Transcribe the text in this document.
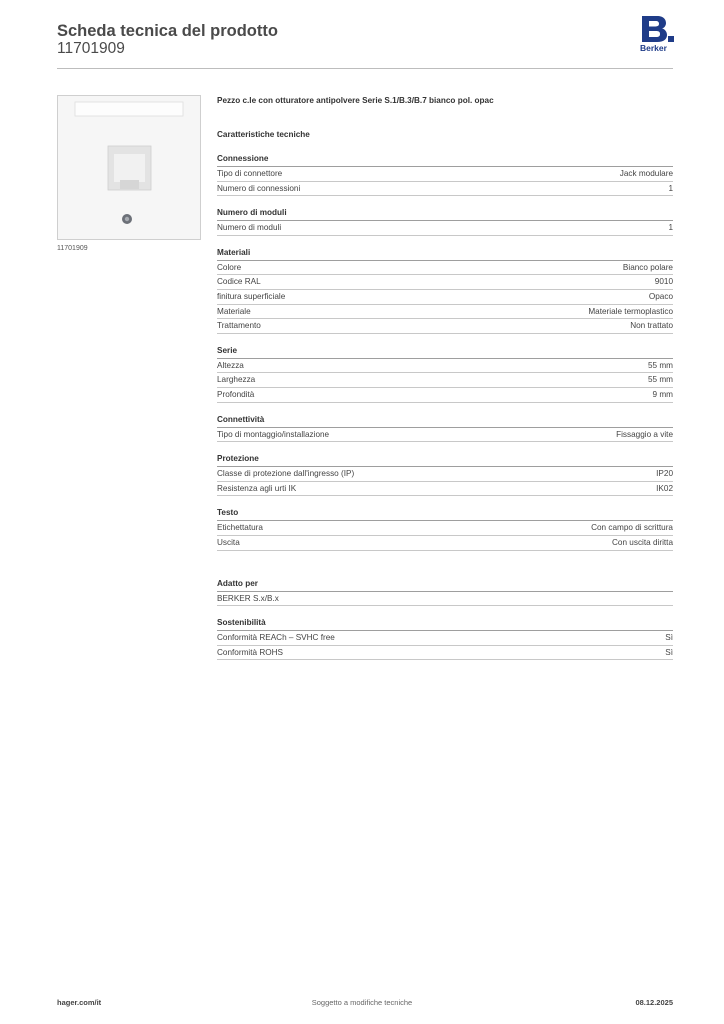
Scheda tecnica del prodotto
11701909	Berker
11701909
Pezzo c.le con otturatore antipolvere Serie S.1/B.3/B.7 bianco pol. opac
Caratteristiche tecniche
Connessione
Tipo di connettore	Jack modulare
Numero di connessioni	1
Numero di moduli
Numero di moduli	1
Materiali
Colore	Bianco polare
Codice RAL	9010
finitura superficiale	Opaco
Materiale	Materiale termoplastico
Trattamento	Non trattato
Serie
Altezza	55 mm
Larghezza	55 mm
Profondità	9 mm
Connettività
Tipo di montaggio/installazione	Fissaggio a vite
Protezione
Classe di protezione dall'ingresso (IP)	IP20
Resistenza agli urti IK	IK02
Testo
Etichettatura	Con campo di scrittura
Uscita	Con uscita diritta
Adatto per
BERKER S.x/B.x
Sostenibilità
Conformità REACh – SVHC free	Sì
Conformità ROHS	Sì
hager.com/it	Soggetto a modifiche tecniche	08.12.2025
